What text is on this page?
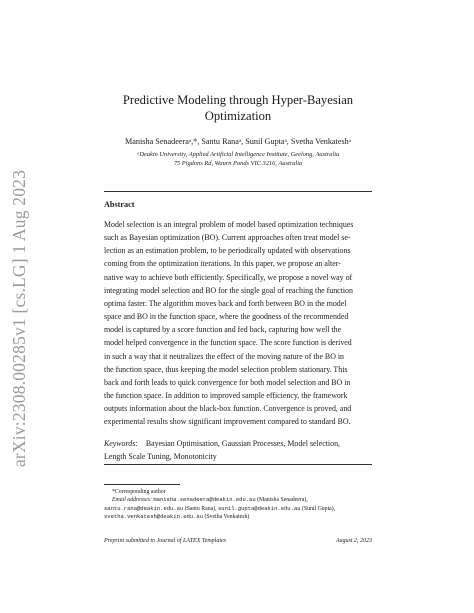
arXiv:2308.00285v1 [cs.LG] 1 Aug 2023
Predictive Modeling through Hyper-Bayesian
Optimization
Manisha Senadeeraᵃ,*, Santu Ranaᵃ, Sunil Guptaᵃ, Svetha Venkateshᵃ
ᵃDeakin University, Applied Artificial Intelligence Institute, Geelong, Australia
75 Pigdons Rd, Waurn Ponds VIC 3216, Australia
Abstract
Model selection is an integral problem of model based optimization techniques
such as Bayesian optimization (BO). Current approaches often treat model se-
lection as an estimation problem, to be periodically updated with observations
coming from the optimization iterations. In this paper, we propose an alter-
native way to achieve both efficiently. Specifically, we propose a novel way of
integrating model selection and BO for the single goal of reaching the function
optima faster. The algorithm moves back and forth between BO in the model
space and BO in the function space, where the goodness of the recommended
model is captured by a score function and fed back, capturing how well the
model helped convergence in the function space. The score function is derived
in such a way that it neutralizes the effect of the moving nature of the BO in
the function space, thus keeping the model selection problem stationary. This
back and forth leads to quick convergence for both model selection and BO in
the function space. In addition to improved sample efficiency, the framework
outputs information about the black-box function. Convergence is proved, and
experimental results show significant improvement compared to standard BO.
Keywords: Bayesian Optimisation, Gaussian Processes, Model selection,
Length Scale Tuning, Monotonicity
*Corresponding author
Email addresses: manisha.senadeera@deakin.edu.au (Manisha Senadeera),
santu.rana@deakin.edu.au (Santu Rana), sunil.gupta@deakin.edu.au (Sunil Gupta),
svetha.venkatesh@deakin.edu.au (Svetha Venkatesh)
Preprint submitted to Journal of LATEX Templates	August 2, 2023
